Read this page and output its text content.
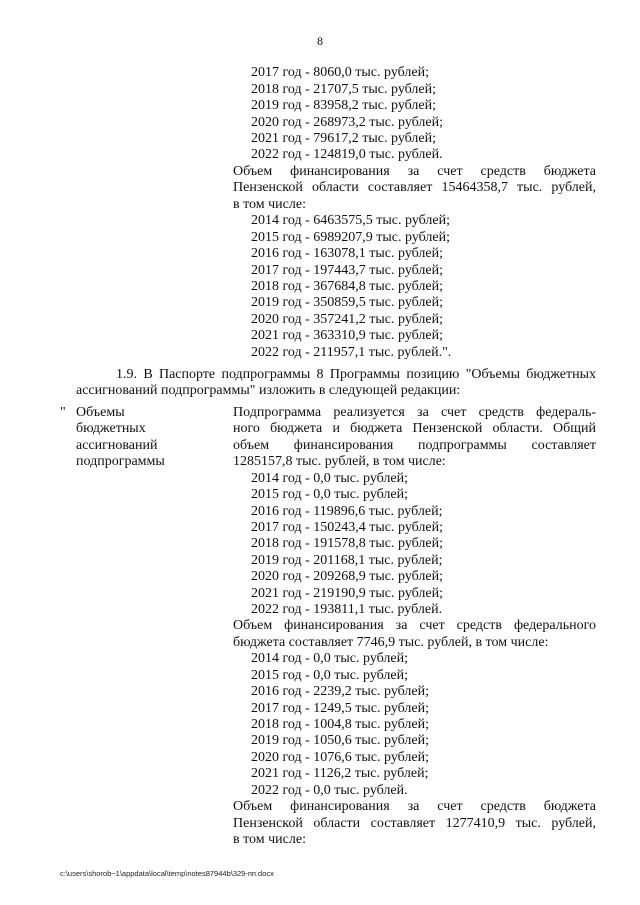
8
2017 год - 8060,0 тыс. рублей;
2018 год - 21707,5 тыс. рублей;
2019 год - 83958,2 тыс. рублей;
2020 год - 268973,2 тыс. рублей;
2021 год - 79617,2 тыс. рублей;
2022 год - 124819,0 тыс. рублей.
Объем финансирования за счет средств бюджета
Пензенской области составляет 15464358,7 тыс. рублей,
в том числе:
2014 год - 6463575,5 тыс. рублей;
2015 год - 6989207,9 тыс. рублей;
2016 год - 163078,1 тыс. рублей;
2017 год - 197443,7 тыс. рублей;
2018 год - 367684,8 тыс. рублей;
2019 год - 350859,5 тыс. рублей;
2020 год - 357241,2 тыс. рублей;
2021 год - 363310,9 тыс. рублей;
2022 год - 211957,1 тыс. рублей.".
1.9. В Паспорте подпрограммы 8 Программы позицию "Объемы бюджетных
ассигнований подпрограммы" изложить в следующей редакции:
" Объемы
бюджетных
ассигнований
подпрограммы
Подпрограмма реализуется за счет средств федераль-
ного бюджета и бюджета Пензенской области. Общий
объем финансирования подпрограммы составляет
1285157,8 тыс. рублей, в том числе:
2014 год - 0,0 тыс. рублей;
2015 год - 0,0 тыс. рублей;
2016 год - 119896,6 тыс. рублей;
2017 год - 150243,4 тыс. рублей;
2018 год - 191578,8 тыс. рублей;
2019 год - 201168,1 тыс. рублей;
2020 год - 209268,9 тыс. рублей;
2021 год - 219190,9 тыс. рублей;
2022 год - 193811,1 тыс. рублей.
Объем финансирования за счет средств федерального
бюджета составляет 7746,9 тыс. рублей, в том числе:
2014 год - 0,0 тыс. рублей;
2015 год - 0,0 тыс. рублей;
2016 год - 2239,2 тыс. рублей;
2017 год - 1249,5 тыс. рублей;
2018 год - 1004,8 тыс. рублей;
2019 год - 1050,6 тыс. рублей;
2020 год - 1076,6 тыс. рублей;
2021 год - 1126,2 тыс. рублей;
2022 год - 0,0 тыс. рублей.
Объем финансирования за счет средств бюджета
Пензенской области составляет 1277410,9 тыс. рублей,
в том числе:
c:\users\shorob~1\appdata\local\temp\notes87944b\329-пп.docx
